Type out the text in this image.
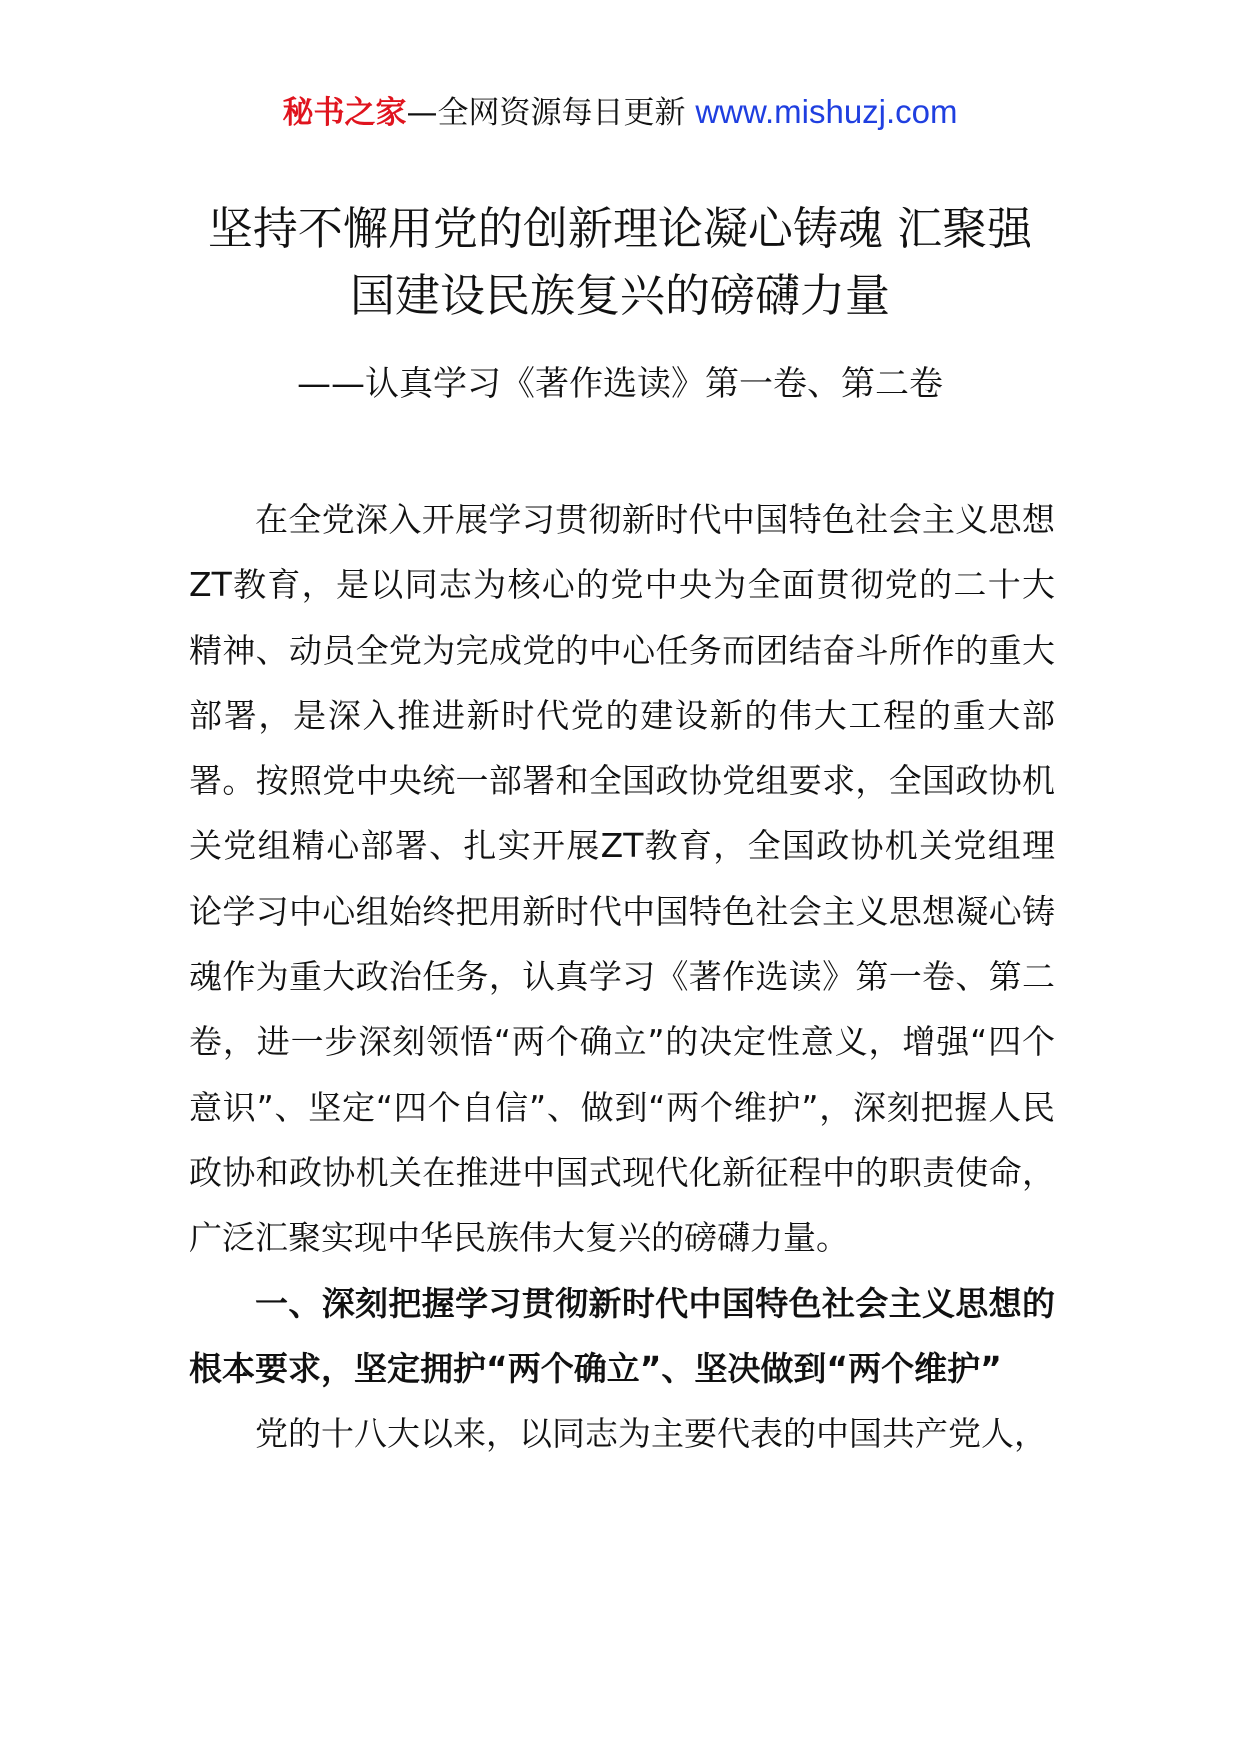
秘书之家—全网资源每日更新 www.mishuzj.com
坚持不懈用党的创新理论凝心铸魂 汇聚强
国建设民族复兴的磅礴力量
——认真学习《著作选读》第一卷、第二卷

在全党深入开展学习贯彻新时代中国特色社会主义思想ZT教育，是以同志为核心的党中央为全面贯彻党的二十大精神、动员全党为完成党的中心任务而团结奋斗所作的重大部署，是深入推进新时代党的建设新的伟大工程的重大部署。按照党中央统一部署和全国政协党组要求，全国政协机关党组精心部署、扎实开展ZT教育，全国政协机关党组理论学习中心组始终把用新时代中国特色社会主义思想凝心铸魂作为重大政治任务，认真学习《著作选读》第一卷、第二卷，进一步深刻领悟“两个确立”的决定性意义，增强“四个意识”、坚定“四个自信”、做到“两个维护”，深刻把握人民政协和政协机关在推进中国式现代化新征程中的职责使命，广泛汇聚实现中华民族伟大复兴的磅礴力量。

一、深刻把握学习贯彻新时代中国特色社会主义思想的根本要求，坚定拥护“两个确立”、坚决做到“两个维护”

党的十八大以来，以同志为主要代表的中国共产党人，
